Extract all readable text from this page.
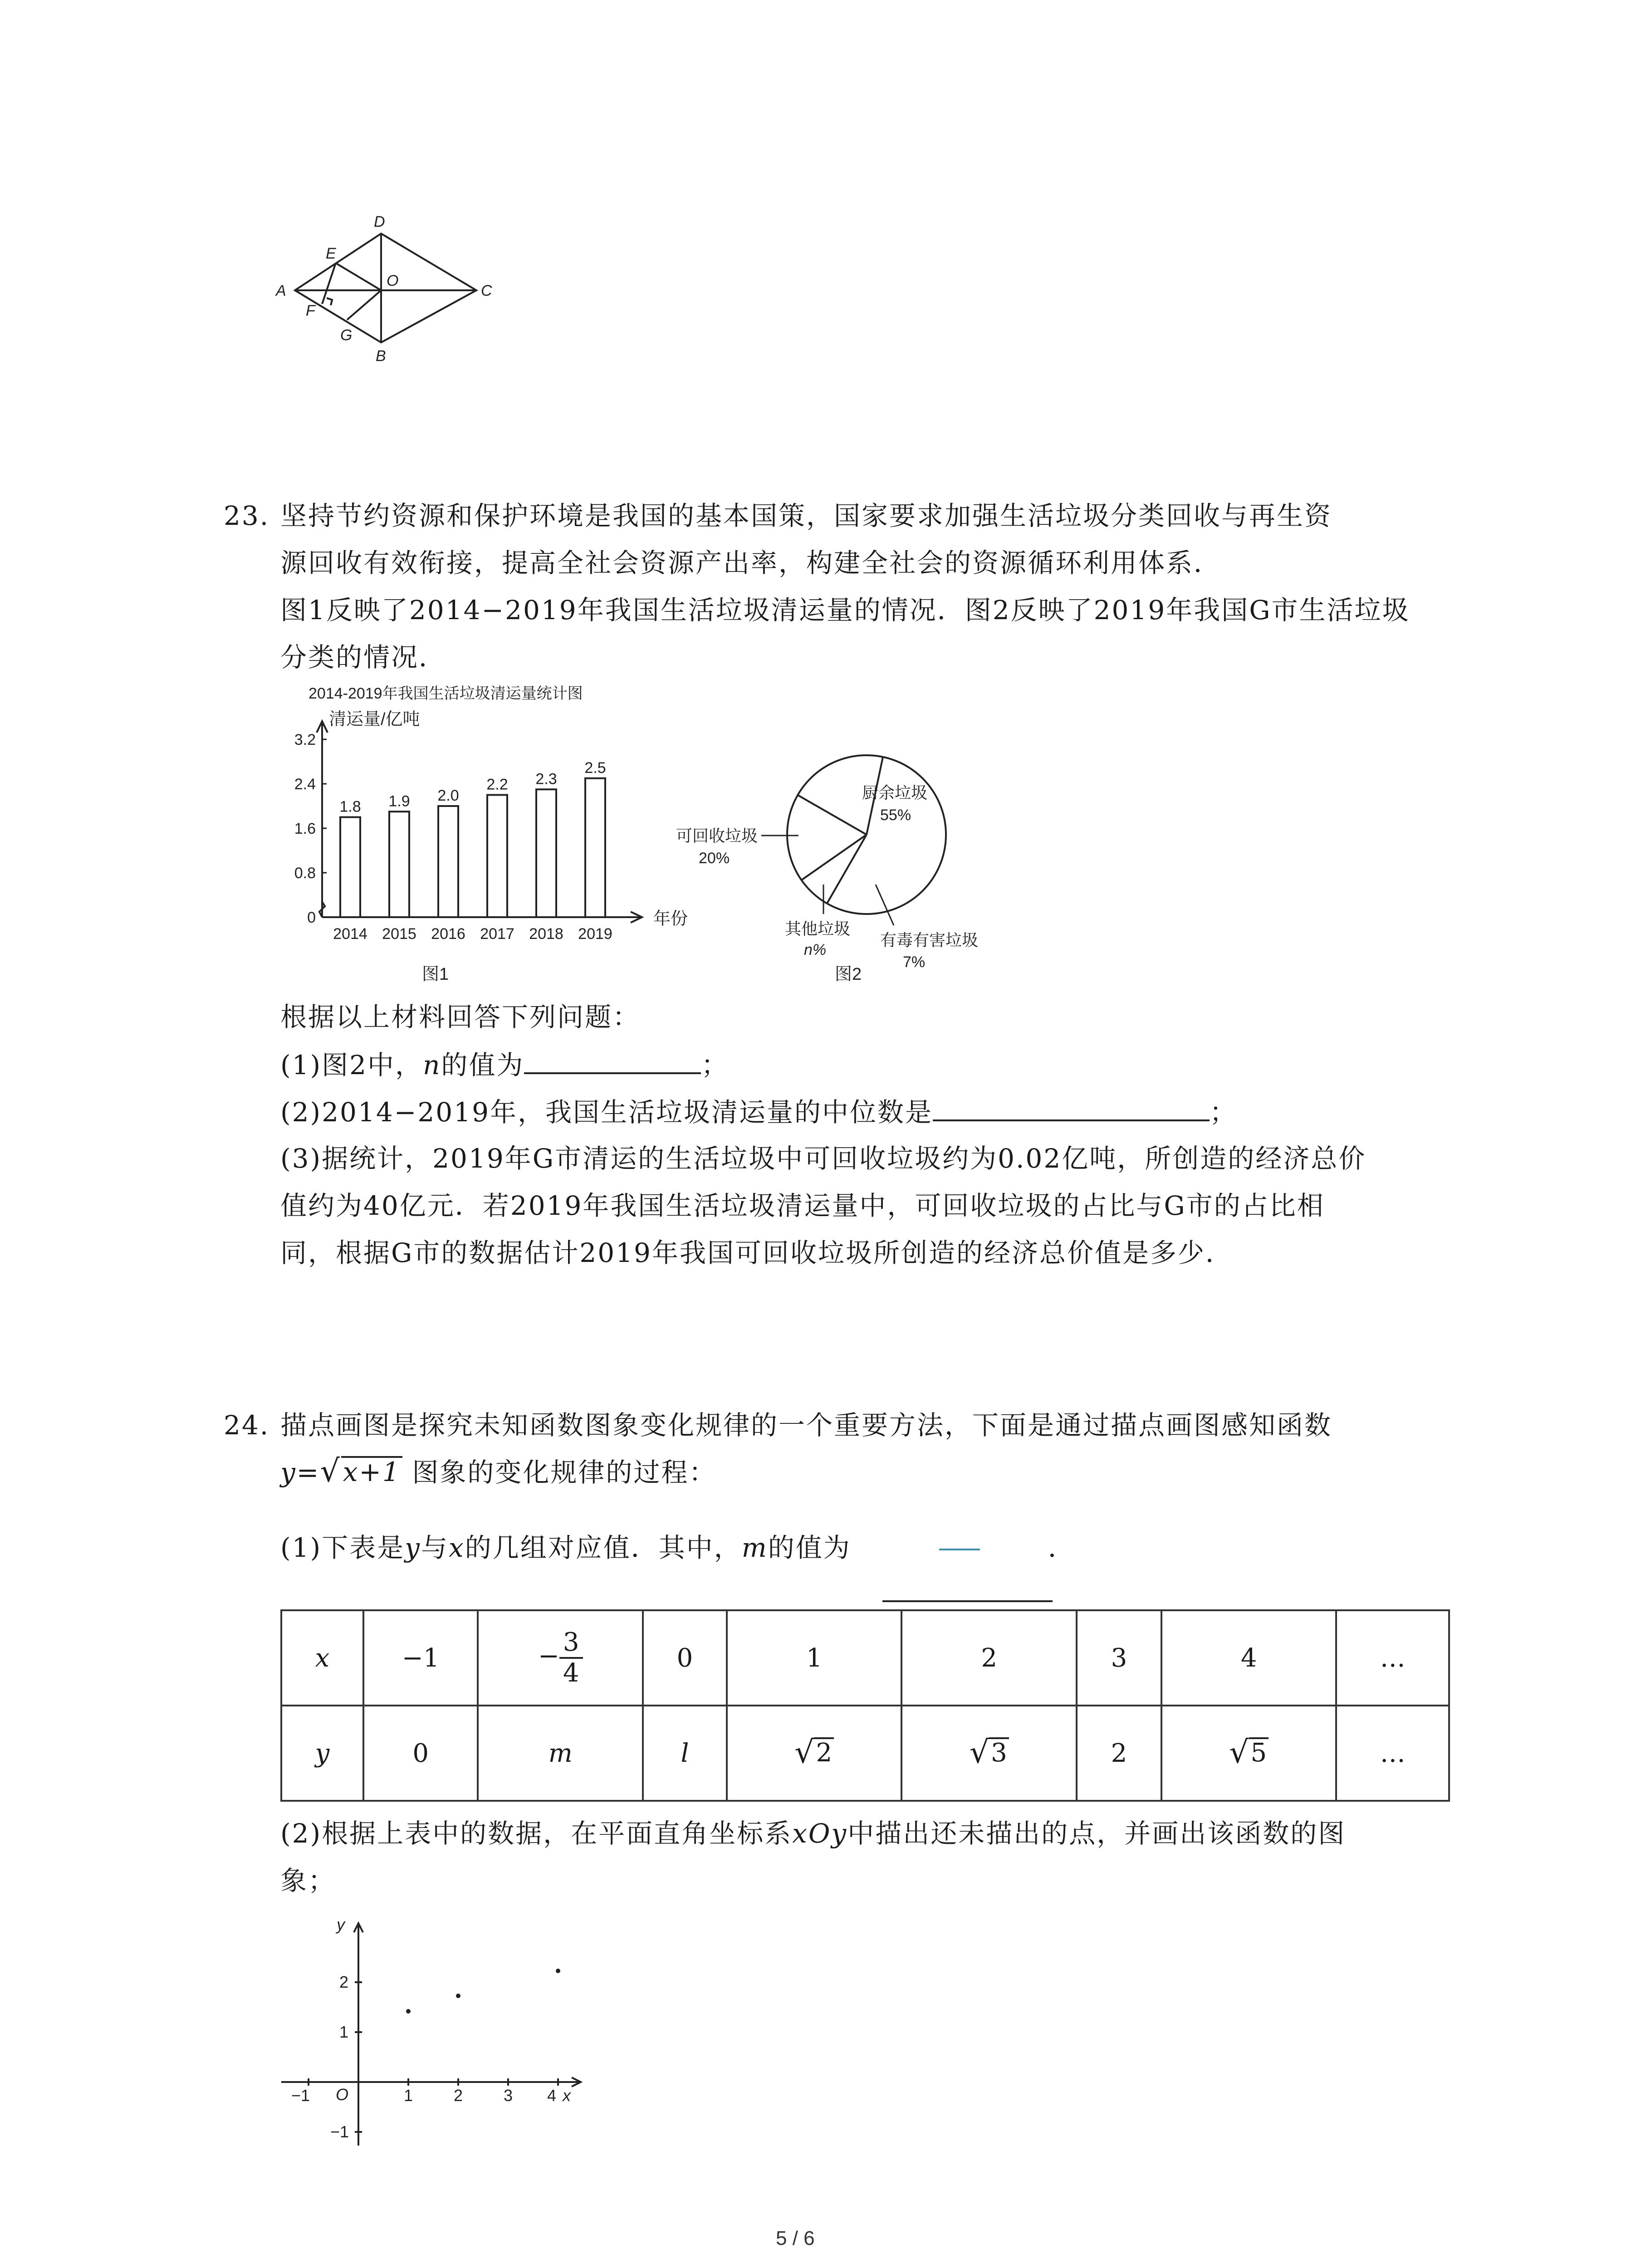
D
E
O
A	C
F
G
B
23. 坚持节约资源和保护环境是我国的基本国策，国家要求加强生活垃圾分类回收与再生资
源回收有效衔接，提高全社会资源产出率，构建全社会的资源循环利用体系．
图1反映了2014−2019年我国生活垃圾清运量的情况．图2反映了2019年我国G市生活垃圾
分类的情况．
2014-2019年我国生活垃圾清运量统计图
清运量/亿吨
0
0.8
1.6
2.4
3.2
1.8
2014
1.9
2015
2.0
2016
2.2
2017
2.3
2018
2.5
2019
年份
图1
厨余垃圾
55%
可回收垃圾
20%
其他垃圾
n%
有毒有害垃圾
7%
图2
根据以上材料回答下列问题：
(1)图2中，n的值为	；
(2)2014−2019年，我国生活垃圾清运量的中位数是	；
(3)据统计，2019年G市清运的生活垃圾中可回收垃圾约为0.02亿吨，所创造的经济总价
值约为40亿元．若2019年我国生活垃圾清运量中，可回收垃圾的占比与G市的占比相
同，根据G市的数据估计2019年我国可回收垃圾所创造的经济总价值是多少．
24. 描点画图是探究未知函数图象变化规律的一个重要方法，下面是通过描点画图感知函数
y= √ x+1 图象的变化规律的过程：
(1)下表是y与x的几组对应值．其中，m的值为	．
x	−1	− $\frac{3}{4}$	0	1	2	3	4	…
y	0	m	l	√ 2	√ 3	2	√ 5	…
(2)根据上表中的数据，在平面直角坐标系xOy中描出还未描出的点，并画出该函数的图
象；
y
x
O
−1	1 2 3 4
2
1
−1
5 / 6
